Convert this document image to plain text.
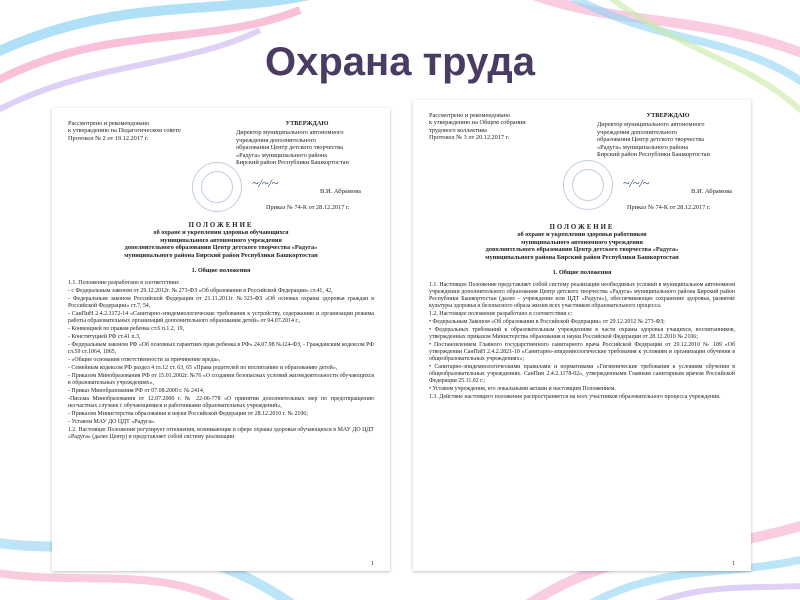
Охрана труда
Рассмотрено и рекомендовано
к утверждению на Педагогическом совете
Протокол № 2 от 19.12.2017 г.
УТВЕРЖДАЮ
Директор муниципального автономного
учреждения дополнительного
образования Центр детского творчества
«Радуга» муниципального района
Бирский район Республики Башкортостан
~/~/~
В.И. Абрамова
Приказ № 74-К от 28.12.2017 г.
ПОЛОЖЕНИЕ
об охране и укреплении здоровья обучающихся
муниципального автономного учреждения
дополнительного образования Центр детского творчества «Радуга»
муниципального района Бирский район Республики Башкортостан
1. Общие положения

1.1. Положение разработано в соответствии:

- с Федеральным законом от 29.12.2012г. № 273-ФЗ «Об образовании в Российской Федерации» ст.41, 42,

- Федеральным законом Российской Федерации от 21.11.2011г. №323-ФЗ «Об основах охраны здоровья граждан в Российской Федерации» ст.7, 54,

- СанПиН 2.4.2.3172-14 «Санитарно-эпидемиологические требования к устройству, содержанию и организации режима работы образовательных организаций дополнительного образования детей» от 04.07.2014 г.,

- Конвенцией по правам ребенка ст.6 п.1.2, 19,

- Конституцией РФ ст.41 п.3,

- Федеральным законом РФ «Об основных гарантиях прав ребенка в РФ» 24.07.98 №124-ФЗ, - Гражданским кодексом РФ гл.59 ст.1064, 1065,

- «Общие основания ответственности за причинение вреда»,

- Семейным кодексом РФ раздел 4 гл.12 ст. 63, 65 «Права родителей по воспитанию и образованию детей»,

- Приказом Минобразования РФ от 15.01.2002г. №76 «О создании безопасных условий жизнедеятельности обучающихся в образовательных учреждениях»,

- Приказ Минобразования РФ от 07.08.2000 г. № 2414,

-Письма Минобразования от 12.07.2000 г. № 22-06-778 «О принятии дополнительных мер по предотвращению несчастных случаев с обучающимися и работниками образовательных учреждений»,

- Приказом Министерства образования и науки Российской Федерации от 28.12.2010 г. № 2106;

- Уставом МАУ ДО ЦДТ «Радуга».

1.2. Настоящее Положение регулирует отношения, возникающие в сфере охраны здоровья обучающихся в МАУ ДО ЦДТ «Радуга» (далее Центр) и представляет собой систему реализации

1
Рассмотрено и рекомендовано
к утверждению на Общем собрании
трудового коллектива
Протокол № 3 от 20.12.2017 г.
УТВЕРЖДАЮ
Директор муниципального автономного
учреждения дополнительного
образования Центр детского творчества
«Радуга» муниципального района
Бирский район Республики Башкортостан
~/~/~
В.И. Абрамова
Приказ № 74-К от 28.12.2017 г.
ПОЛОЖЕНИЕ
об охране и укреплении здоровья работников
муниципального автономного учреждения
дополнительного образования Центр детского творчества «Радуга»
муниципального района Бирский район Республики Башкортостан
1. Общие положения

1.1. Настоящее Положение представляет собой систему реализации необходимых условий в муниципальном автономном учреждении дополнительного образования Центр детского творчества «Радуга» муниципального района Бирский район Республики Башкортостан (далее – учреждение или ЦДТ «Радуга»), обеспечивающее сохранение здоровья, развитие культуры здоровья и безопасного образа жизни всех участников образовательного процесса.

1.2. Настоящее положение разработано в соответствии с:

• Федеральным Законом «Об образовании в Российской Федерации» от 29.12.2012 № 273-ФЗ;

• Федеральных требований к образовательным учреждениям в части охраны здоровья учащихся, воспитанников, утвержденных приказом Министерства образования и науки Российской Федерации от 28.12.2010 № 2106;

• Постановлением Главного государственного санитарного врача Российской Федерации от 29.12.2010 № 189 «Об утверждении СанПиН 2.4.2.2821-10 «Санитарно-эпидемиологические требования к условиям и организации обучения в общеобразовательных учреждениях»;

• Санитарно-эпидемиологическими правилами и нормативами «Гигиенические требования к условиям обучения в общеобразовательных учреждениях. СанПин 2.4.2.1178-02», утвержденными Главным санитарным врачом Российской Федерации 25.11.02 г.;

• Уставом учреждения, его локальными актами и настоящим Положением.

1.3. Действие настоящего положения распространяется на всех участников образовательного процесса учреждения.

1
